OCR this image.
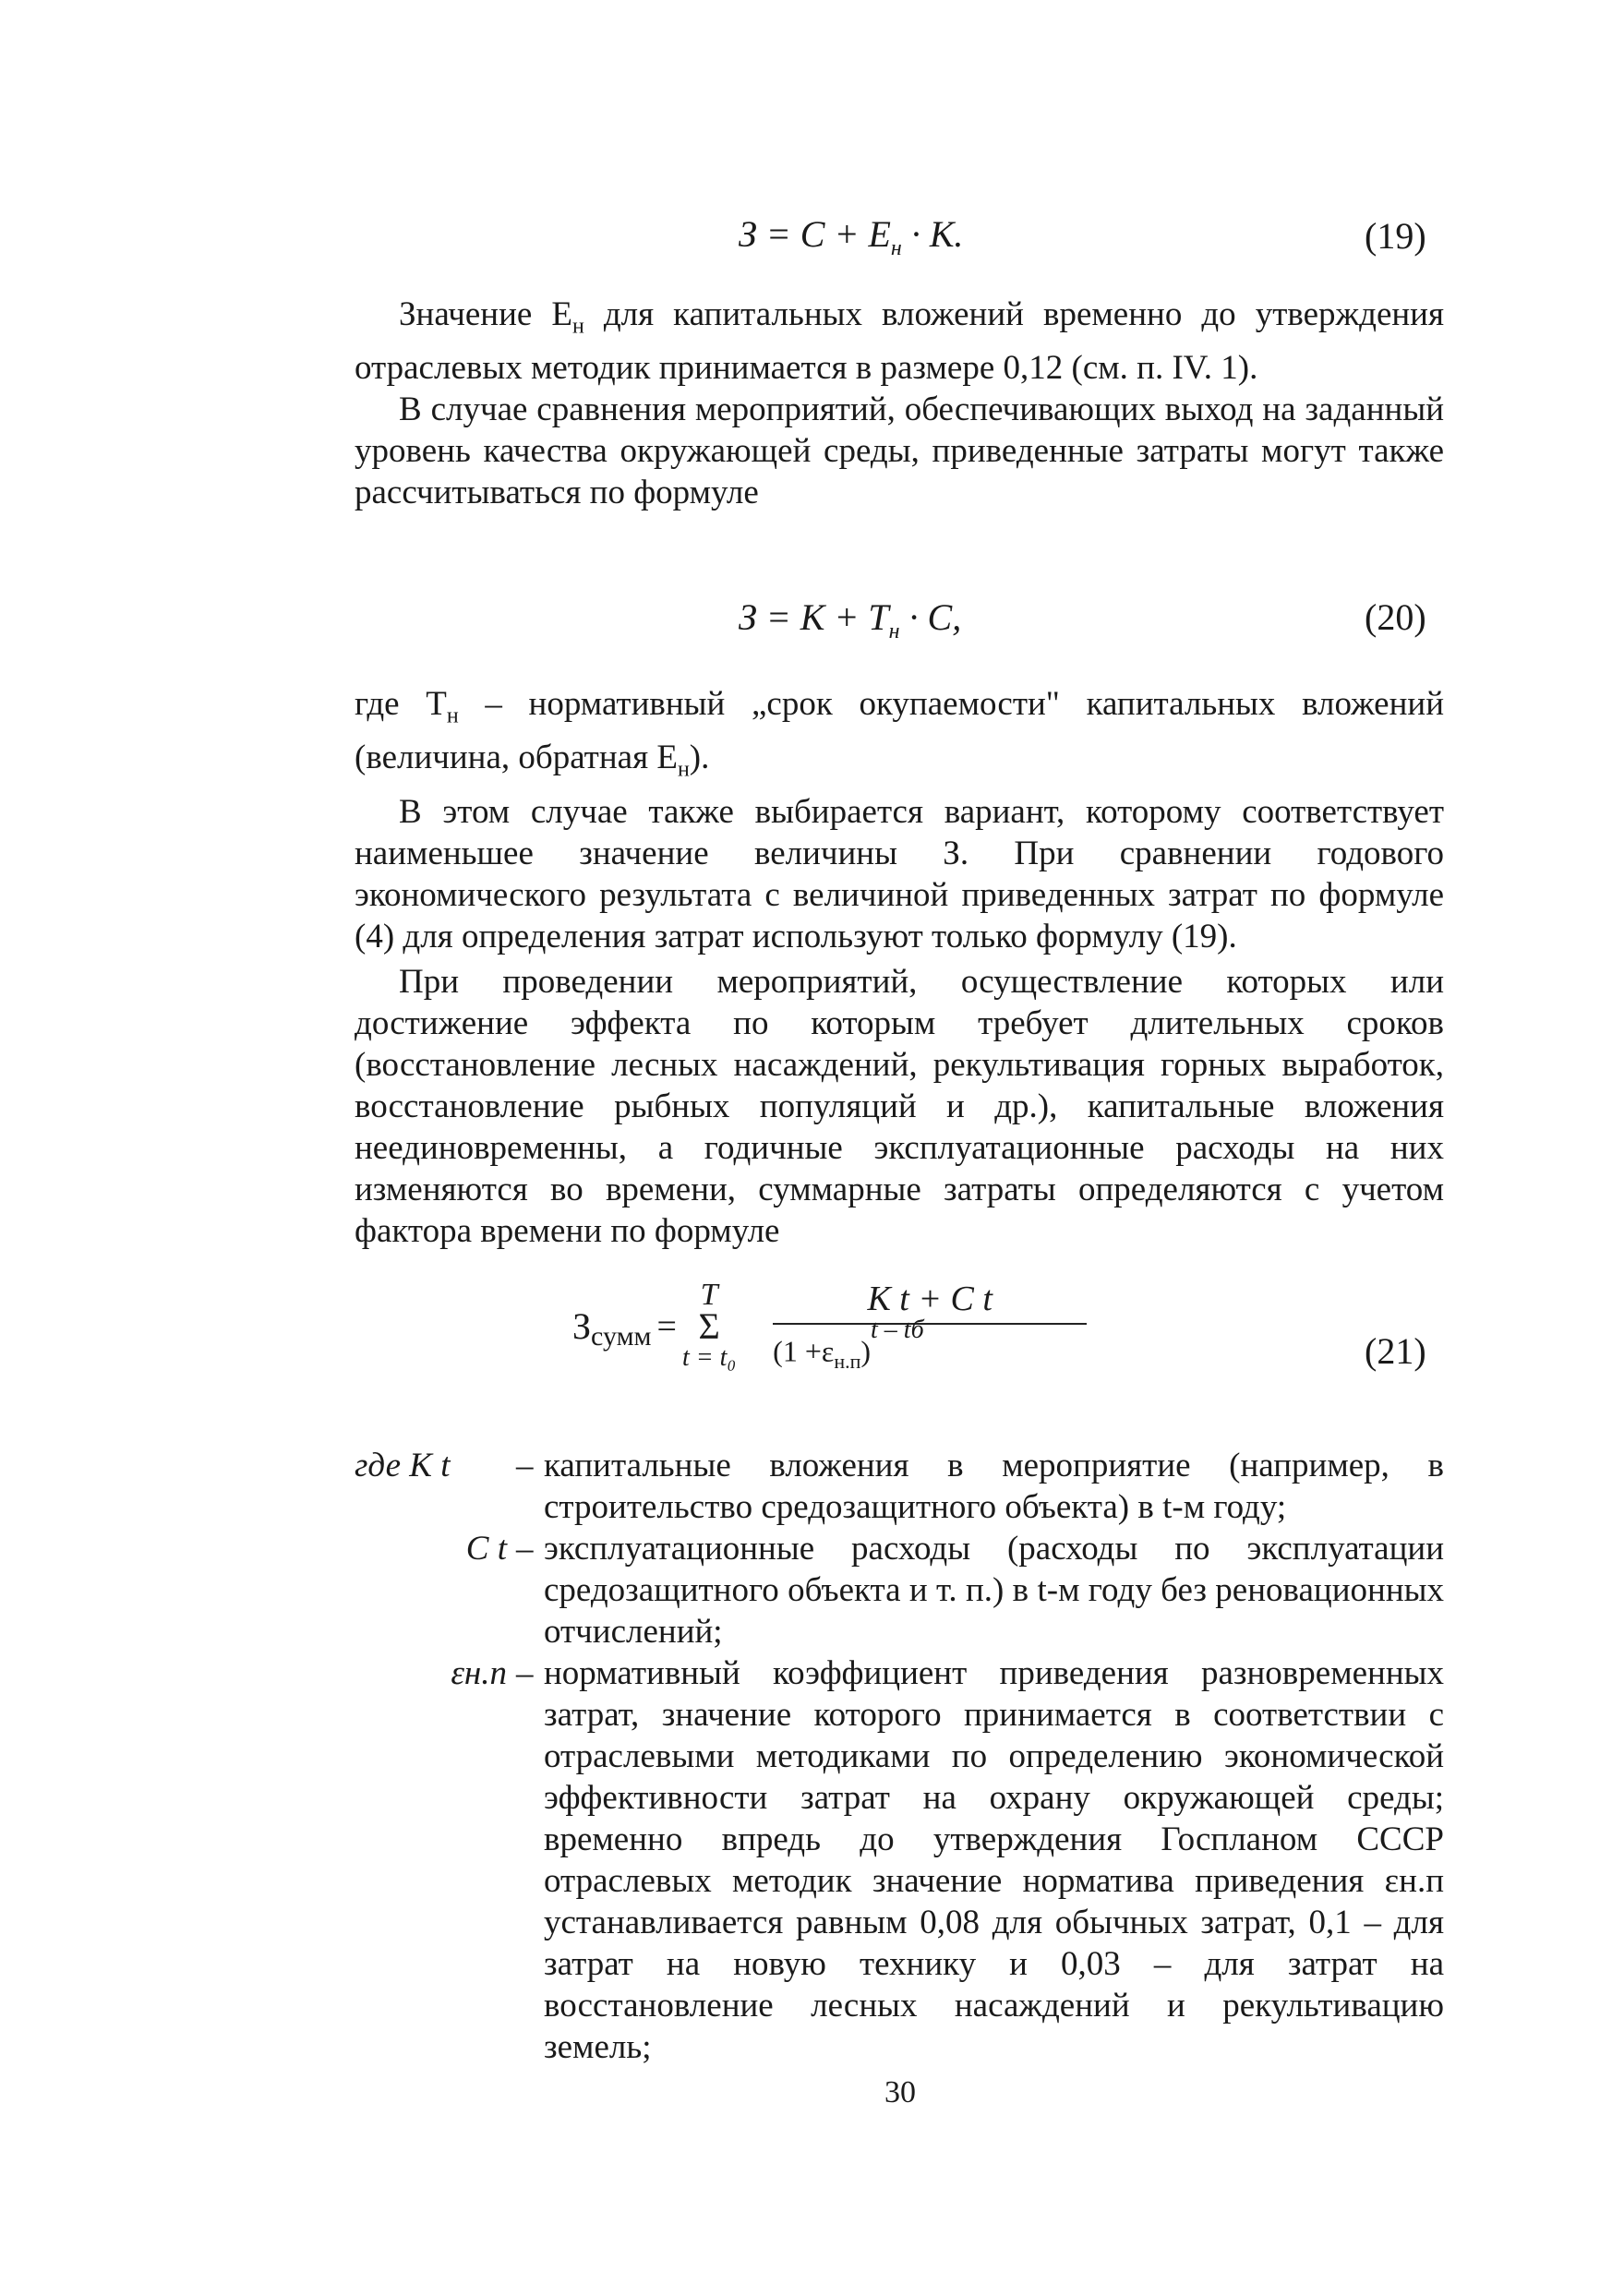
$З = С + Е_н \cdot К$.	(19)

Значение $Е_н$ для капитальных вложений временно до утверждения отраслевых методик принимается в размере 0,12 (см. п. IV. 1).

В случае сравнения мероприятий, обеспечивающих выход на заданный уровень качества окружающей среды, приведенные затраты могут также рассчитываться по формуле

$З = К + Т_н \cdot С$,	(20)

где $Т_н$ – нормативный „срок окупаемости" капитальных вложений (величина, обратная $Е_н$).

В этом случае также выбирается вариант, которому соответствует наименьшее значение величины З. При сравнении годового экономического результата с величиной приведенных затрат по формуле (4) для определения затрат используют только формулу (19).

При проведении мероприятий, осуществление которых или достижение эффекта по которым требует длительных сроков (восстановление лесных насаждений, рекультивация горных выработок, восстановление рыбных популяций и др.), капитальные вложения неединовременны, а годичные эксплуатационные расходы на них изменяются во времени, суммарные затраты определяются с учетом фактора времени по формуле

$З_{сумм}$ =
T
Σ
$t = t_0 \frac{\text{K t + C t}}{(1 +\varepsilon_{н.п})^{t - tб}}$	(21)
где K t	– капитальные вложения в мероприятие (например, в строительство средозащитного объекта) в t-м году;
C t – эксплуатационные расходы (расходы по эксплуатации средозащитного объекта и т. п.) в t-м году без реновационных отчислений;
εн.п – нормативный коэффициент приведения разновременных затрат, значение которого принимается в соответствии с отраслевыми методиками по определению экономической эффективности затрат на охрану окружающей среды; временно впредь до утверждения Госпланом СССР отраслевых методик значение норматива приведения εн.п устанавливается равным 0,08 для обычных затрат, 0,1 – для затрат на новую технику и 0,03 – для затрат на восстановление лесных насаждений и рекультивацию земель;
30
